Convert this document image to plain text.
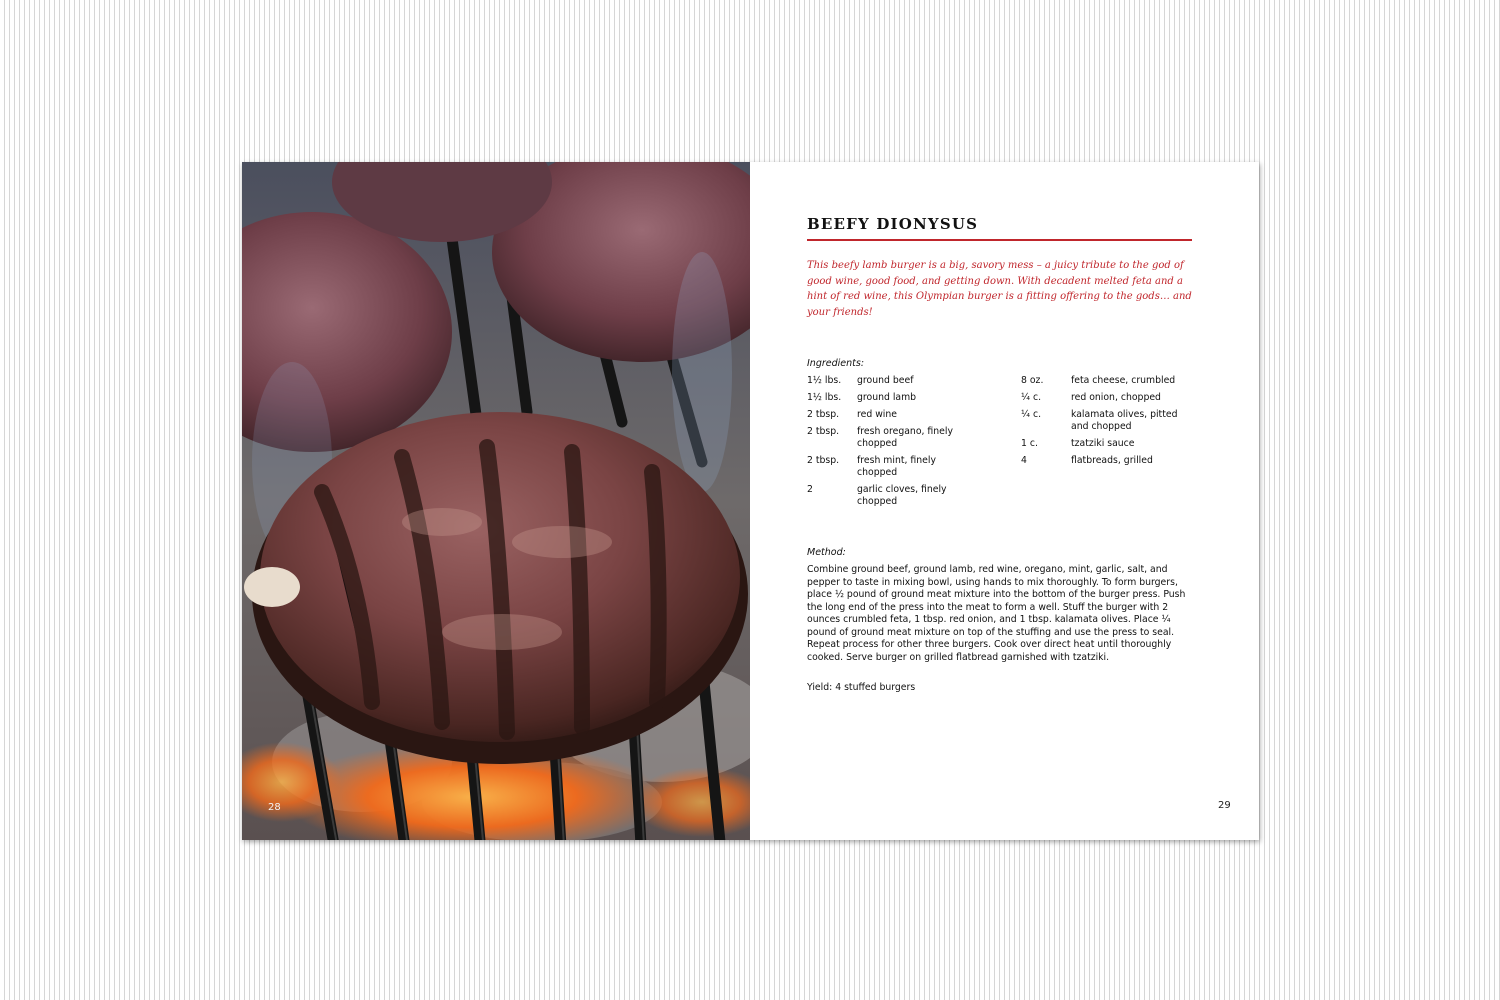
28
BEEFY DIONYSUS

This beefy lamb burger is a big, savory mess – a juicy tribute to the god of good wine, good food, and getting down. With decadent melted feta and a hint of red wine, this Olympian burger is a fitting offering to the gods… and your friends!

Ingredients:

1½ lbs. ground beef
1½ lbs. ground lamb
2 tbsp. red wine
2 tbsp. fresh oregano, finely chopped
2 tbsp. fresh mint, finely chopped
2	garlic cloves, finely chopped
8 oz.	feta cheese, crumbled
¼ c.	red onion, chopped
¼ c.	kalamata olives, pitted and chopped
1 c.	tzatziki sauce
4	flatbreads, grilled

Method:

Combine ground beef, ground lamb, red wine, oregano, mint, garlic, salt, and pepper to taste in mixing bowl, using hands to mix thoroughly. To form burgers, place ½ pound of ground meat mixture into the bottom of the burger press. Push the long end of the press into the meat to form a well. Stuff the burger with 2 ounces crumbled feta, 1 tbsp. red onion, and 1 tbsp. kalamata olives. Place ¼ pound of ground meat mixture on top of the stuffing and use the press to seal. Repeat process for other three burgers. Cook over direct heat until thoroughly cooked. Serve burger on grilled flatbread garnished with tzatziki.

Yield: 4 stuffed burgers

29
